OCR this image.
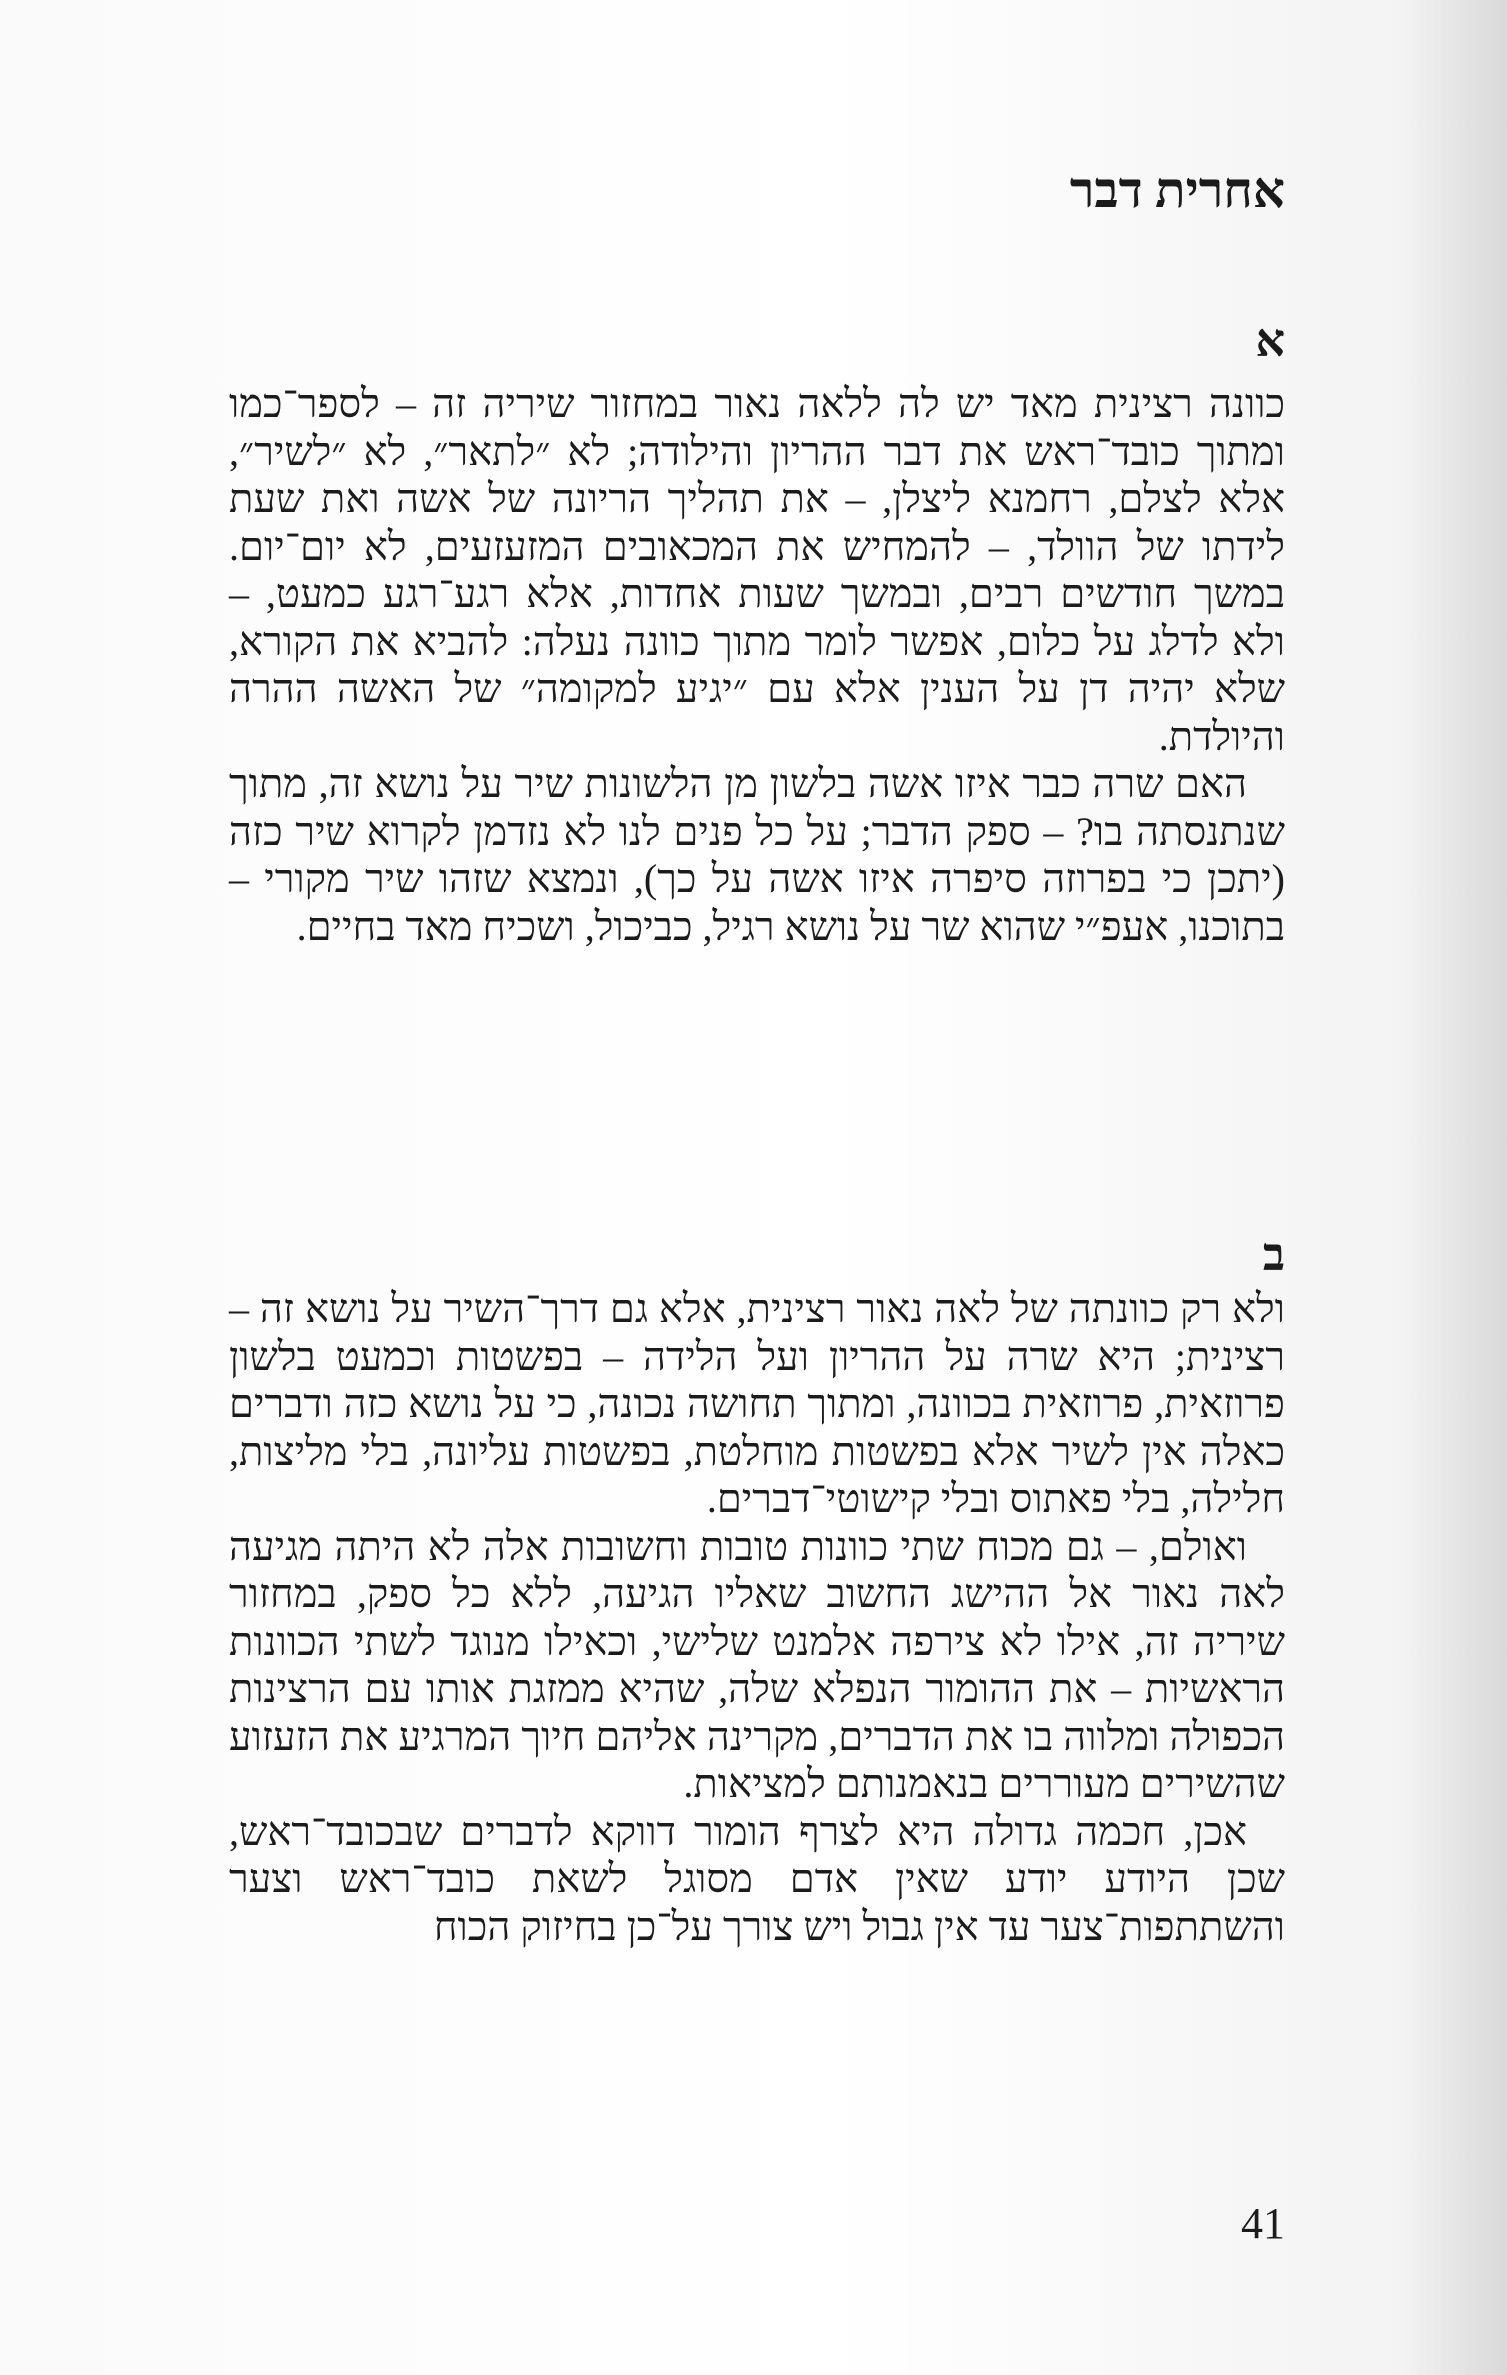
אחרית דבר
א

כוונה רצינית מאד יש לה ללאה נאור במחזור שיריה זה – לספר־כמו ומתוך כובד־ראש את דבר ההריון והילודה; לא ״לתאר״, לא ״לשיר״, אלא לצלם, רחמנא ליצלן, – את תהליך הריונה של אשה ואת שעת לידתו של הוולד, – להמחיש את המכאובים המזעזעים, לא יום־יום. במשך חודשים רבים, ובמשך שעות אחדות, אלא רגע־רגע כמעט, – ולא לדלג על כלום, אפשר לומר מתוך כוונה נעלה: להביא את הקורא, שלא יהיה דן על הענין אלא עם ״יגיע למקומה״ של האשה ההרה והיולדת.

האם שרה כבר איזו אשה בלשון מן הלשונות שיר על נושא זה, מתוך שנתנסתה בו? – ספק הדבר; על כל פנים לנו לא נזדמן לקרוא שיר כזה (יתכן כי בפרוזה סיפרה איזו אשה על כך), ונמצא שזהו שיר מקורי – בתוכנו, אעפ״י שהוא שר על נושא רגיל, כביכול, ושכיח מאד בחיים.

ב

ולא רק כוונתה של לאה נאור רצינית, אלא גם דרך־השיר על נושא זה – רצינית; היא שרה על ההריון ועל הלידה – בפשטות וכמעט בלשון פרוזאית, פרוזאית בכוונה, ומתוך תחושה נכונה, כי על נושא כזה ודברים כאלה אין לשיר אלא בפשטות מוחלטת, בפשטות עליונה, בלי מליצות, חלילה, בלי פאתוס ובלי קישוטי־דברים.

ואולם, – גם מכוח שתי כוונות טובות וחשובות אלה לא היתה מגיעה לאה נאור אל ההישג החשוב שאליו הגיעה, ללא כל ספק, במחזור שיריה זה, אילו לא צירפה אלמנט שלישי, וכאילו מנוגד לשתי הכוונות הראשיות – את ההומור הנפלא שלה, שהיא ממזגת אותו עם הרצינות הכפולה ומלווה בו את הדברים, מקרינה אליהם חיוך המרגיע את הזעזוע שהשירים מעוררים בנאמנותם למציאות.

אכן, חכמה גדולה היא לצרף הומור דווקא לדברים שבכובד־ראש, שכן היודע יודע שאין אדם מסוגל לשאת כובד־ראש וצער והשתתפות־צער עד אין גבול ויש צורך על־כן בחיזוק הכוח

41
